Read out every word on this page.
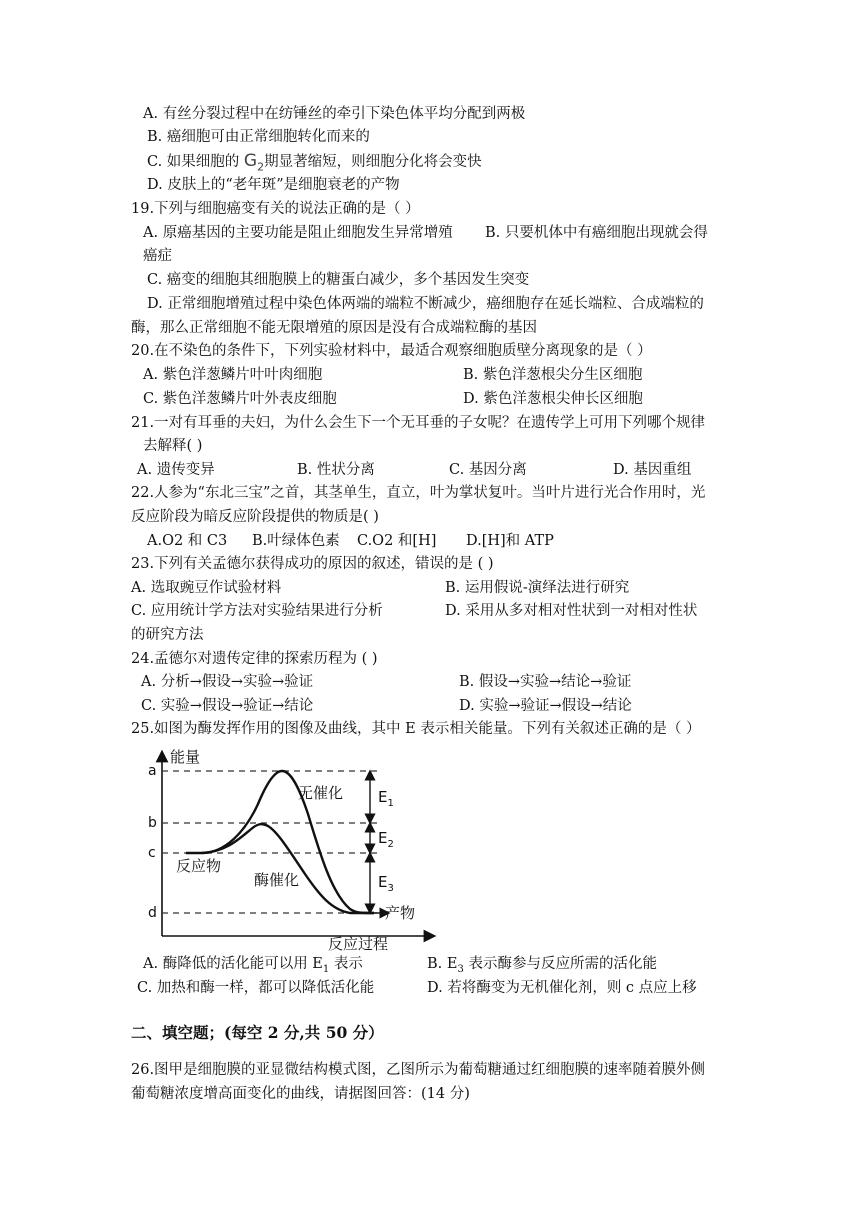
A. 有丝分裂过程中在纺锤丝的牵引下染色体平均分配到两极
B. 癌细胞可由正常细胞转化而来的
C. 如果细胞的 $G_2$期显著缩短，则细胞分化将会变快
D. 皮肤上的“老年斑”是细胞衰老的产物
19.下列与细胞癌变有关的说法正确的是（ ）
A. 原癌基因的主要功能是阻止细胞发生异常增殖 B. 只要机体中有癌细胞出现就会得
癌症
C. 癌变的细胞其细胞膜上的糖蛋白减少，多个基因发生突变
D. 正常细胞增殖过程中染色体两端的端粒不断减少，癌细胞存在延长端粒、合成端粒的
酶，那么正常细胞不能无限增殖的原因是没有合成端粒酶的基因
20.在不染色的条件下，下列实验材料中，最适合观察细胞质壁分离现象的是（ ）
A. 紫色洋葱鳞片叶叶肉细胞	B. 紫色洋葱根尖分生区细胞
C. 紫色洋葱鳞片叶外表皮细胞	D. 紫色洋葱根尖伸长区细胞
21.一对有耳垂的夫妇，为什么会生下一个无耳垂的子女呢？在遗传学上可用下列哪个规律
去解释( )
A. 遗传变异	B. 性状分离	C. 基因分离	D. 基因重组
22.人参为“东北三宝”之首，其茎单生，直立，叶为掌状复叶。当叶片进行光合作用时，光
反应阶段为暗反应阶段提供的物质是( )
A.O2 和 C3 B.叶绿体色素 C.O2 和[H] D.[H]和 ATP
23.下列有关孟德尔获得成功的原因的叙述，错误的是 ( )
A. 选取豌豆作试验材料	B. 运用假说-演绎法进行研究
C. 应用统计学方法对实验结果进行分析	D. 采用从多对相对性状到一对相对性状
的研究方法
24.孟德尔对遗传定律的探索历程为 ( )
A. 分析→假设→实验→验证	B. 假设→实验→结论→验证
C. 实验→假设→验证→结论	D. 实验→验证→假设→结论
25.如图为酶发挥作用的图像及曲线，其中 E 表示相关能量。下列有关叙述正确的是（ ）
能量
反应过程
a
b
c
d
$E_1$
$E_2$
$E_3$
无催化
酶催化
反应物
产物
A. 酶降低的活化能可以用 $E_1$ 表示	B. $E_3$ 表示酶参与反应所需的活化能
C. 加热和酶一样，都可以降低活化能	D. 若将酶变为无机催化剂，则 c 点应上移
二、填空题；(每空 2 分,共 50 分）
26.图甲是细胞膜的亚显微结构模式图，乙图所示为葡萄糖通过红细胞膜的速率随着膜外侧
葡萄糖浓度增高面变化的曲线，请据图回答：(14 分)
